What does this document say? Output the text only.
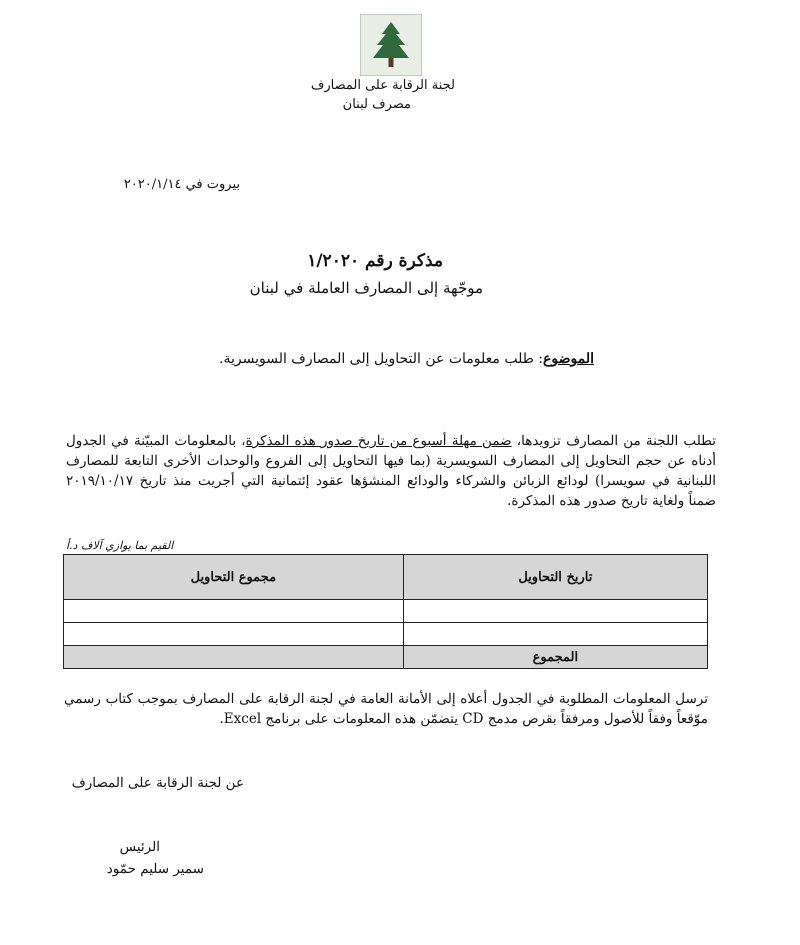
لجنة الرقابة على المصارف
مصرف لبنان
بيروت في ٢٠٢٠/١/١٤
مذكرة رقم ١/٢٠٢٠
موجّهة إلى المصارف العاملة في لبنان
الموضوع: طلب معلومات عن التحاويل إلى المصارف السويسرية.
تطلب اللجنة من المصارف تزويدها، ضمن مهلة أسبوع من تاريخ صدور هذه المذكرة، بالمعلومات المبيّنة في الجدول أدناه عن حجم التحاويل إلى المصارف السويسرية (بما فيها التحاويل إلى الفروع والوحدات الأخرى التابعة للمصارف اللبنانية في سويسرا) لودائع الزبائن والشركاء والودائع المنشؤها عقود إئتمانية التي أجريت منذ تاريخ ٢٠١٩/١٠/١٧ ضمناً ولغاية تاريخ صدور هذه المذكرة.
القيم بما يوازي آلاف د.أ
تاريخ التحاويل	مجموع التحاويل

المجموع	
ترسل المعلومات المطلوبة في الجدول أعلاه إلى الأمانة العامة في لجنة الرقابة على المصارف بموجب كتاب رسمي موّقعاً وفقاً للأصول ومرفقاً بقرص مدمج CD يتضمّن هذه المعلومات على برنامج Excel.
عن لجنة الرقابة على المصارف
الرئيس
سمير سليم حمّود
